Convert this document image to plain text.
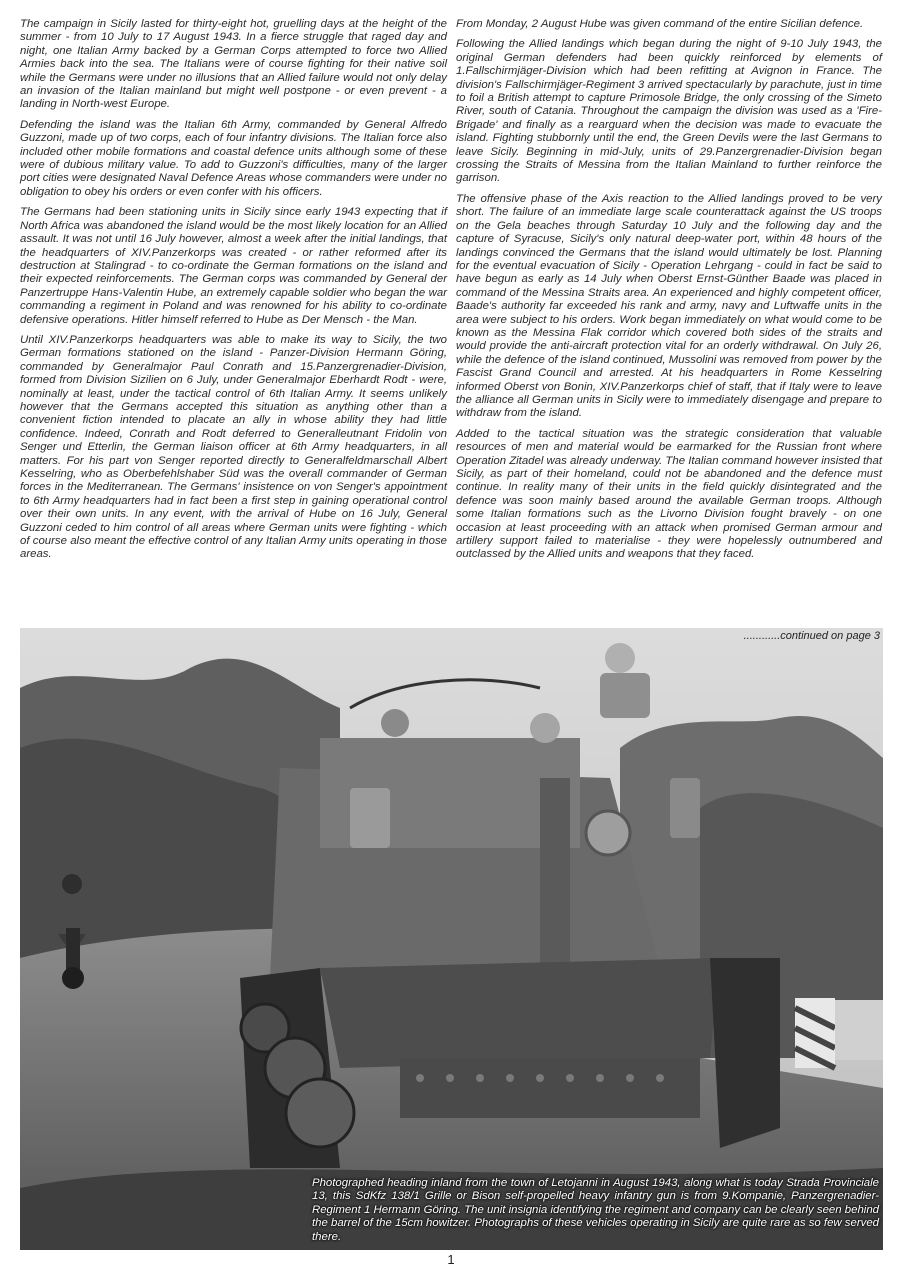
The campaign in Sicily lasted for thirty-eight hot, gruelling days at the height of the summer - from 10 July to 17 August 1943. In a fierce struggle that raged day and night, one Italian Army backed by a German Corps attempted to force two Allied Armies back into the sea. The Italians were of course fighting for their native soil while the Germans were under no illusions that an Allied failure would not only delay an invasion of the Italian mainland but might well postpone - or even prevent - a landing in North-west Europe.

Defending the island was the Italian 6th Army, commanded by General Alfredo Guzzoni, made up of two corps, each of four infantry divisions. The Italian force also included other mobile formations and coastal defence units although some of these were of dubious military value. To add to Guzzoni's difficulties, many of the larger port cities were designated Naval Defence Areas whose commanders were under no obligation to obey his orders or even confer with his officers.

The Germans had been stationing units in Sicily since early 1943 expecting that if North Africa was abandoned the island would be the most likely location for an Allied assault. It was not until 16 July however, almost a week after the initial landings, that the headquarters of XIV.Panzerkorps was created - or rather reformed after its destruction at Stalingrad - to co-ordinate the German formations on the island and their expected reinforcements. The German corps was commanded by General der Panzertruppe Hans-Valentin Hube, an extremely capable soldier who began the war commanding a regiment in Poland and was renowned for his ability to co-ordinate defensive operations. Hitler himself referred to Hube as Der Mensch - the Man.

Until XIV.Panzerkorps headquarters was able to make its way to Sicily, the two German formations stationed on the island - Panzer-Division Hermann Göring, commanded by Generalmajor Paul Conrath and 15.Panzergrenadier-Division, formed from Division Sizilien on 6 July, under Generalmajor Eberhardt Rodt - were, nominally at least, under the tactical control of 6th Italian Army. It seems unlikely however that the Germans accepted this situation as anything other than a convenient fiction intended to placate an ally in whose ability they had little confidence. Indeed, Conrath and Rodt deferred to Generalleutnant Fridolin von Senger und Etterlin, the German liaison officer at 6th Army headquarters, in all matters. For his part von Senger reported directly to Generalfeldmarschall Albert Kesselring, who as Oberbefehlshaber Süd was the overall commander of German forces in the Mediterranean. The Germans' insistence on von Senger's appointment to 6th Army headquarters had in fact been a first step in gaining operational control over their own units. In any event, with the arrival of Hube on 16 July, General Guzzoni ceded to him control of all areas where German units were fighting - which of course also meant the effective control of any Italian Army units operating in those areas.

From Monday, 2 August Hube was given command of the entire Sicilian defence.

Following the Allied landings which began during the night of 9-10 July 1943, the original German defenders had been quickly reinforced by elements of 1.Fallschirmjäger-Division which had been refitting at Avignon in France. The division's Fallschirmjäger-Regiment 3 arrived spectacularly by parachute, just in time to foil a British attempt to capture Primosole Bridge, the only crossing of the Simeto River, south of Catania. Throughout the campaign the division was used as a 'Fire-Brigade' and finally as a rearguard when the decision was made to evacuate the island. Fighting stubbornly until the end, the Green Devils were the last Germans to leave Sicily. Beginning in mid-July, units of 29.Panzergrenadier-Division began crossing the Straits of Messina from the Italian Mainland to further reinforce the garrison.

The offensive phase of the Axis reaction to the Allied landings proved to be very short. The failure of an immediate large scale counterattack against the US troops on the Gela beaches through Saturday 10 July and the following day and the capture of Syracuse, Sicily's only natural deep-water port, within 48 hours of the landings convinced the Germans that the island would ultimately be lost. Planning for the eventual evacuation of Sicily - Operation Lehrgang - could in fact be said to have begun as early as 14 July when Oberst Ernst-Günther Baade was placed in command of the Messina Straits area. An experienced and highly competent officer, Baade's authority far exceeded his rank and army, navy and Luftwaffe units in the area were subject to his orders. Work began immediately on what would come to be known as the Messina Flak corridor which covered both sides of the straits and would provide the anti-aircraft protection vital for an orderly withdrawal. On July 26, while the defence of the island continued, Mussolini was removed from power by the Fascist Grand Council and arrested. At his headquarters in Rome Kesselring informed Oberst von Bonin, XIV.Panzerkorps chief of staff, that if Italy were to leave the alliance all German units in Sicily were to immediately disengage and prepare to withdraw from the island.

Added to the tactical situation was the strategic consideration that valuable resources of men and material would be earmarked for the Russian front where Operation Zitadel was already underway. The Italian command however insisted that Sicily, as part of their homeland, could not be abandoned and the defence must continue. In reality many of their units in the field quickly disintegrated and the defence was soon mainly based around the available German troops. Although some Italian formations such as the Livorno Division fought bravely - on one occasion at least proceeding with an attack when promised German armour and artillery support failed to materialise - they were hopelessly outnumbered and outclassed by the Allied units and weapons that they faced.

Photographed heading inland from the town of Letojanni in August 1943, along what is today Strada Provinciale 13, this SdKfz 138/1 Grille or Bison self-propelled heavy infantry gun is from 9.Kompanie, Panzergrenadier-Regiment 1 Hermann Göring. The unit insignia identifying the regiment and company can be clearly seen behind the barrel of the 15cm howitzer. Photographs of these vehicles operating in Sicily are quite rare as so few served there.
............continued on page 3
1
